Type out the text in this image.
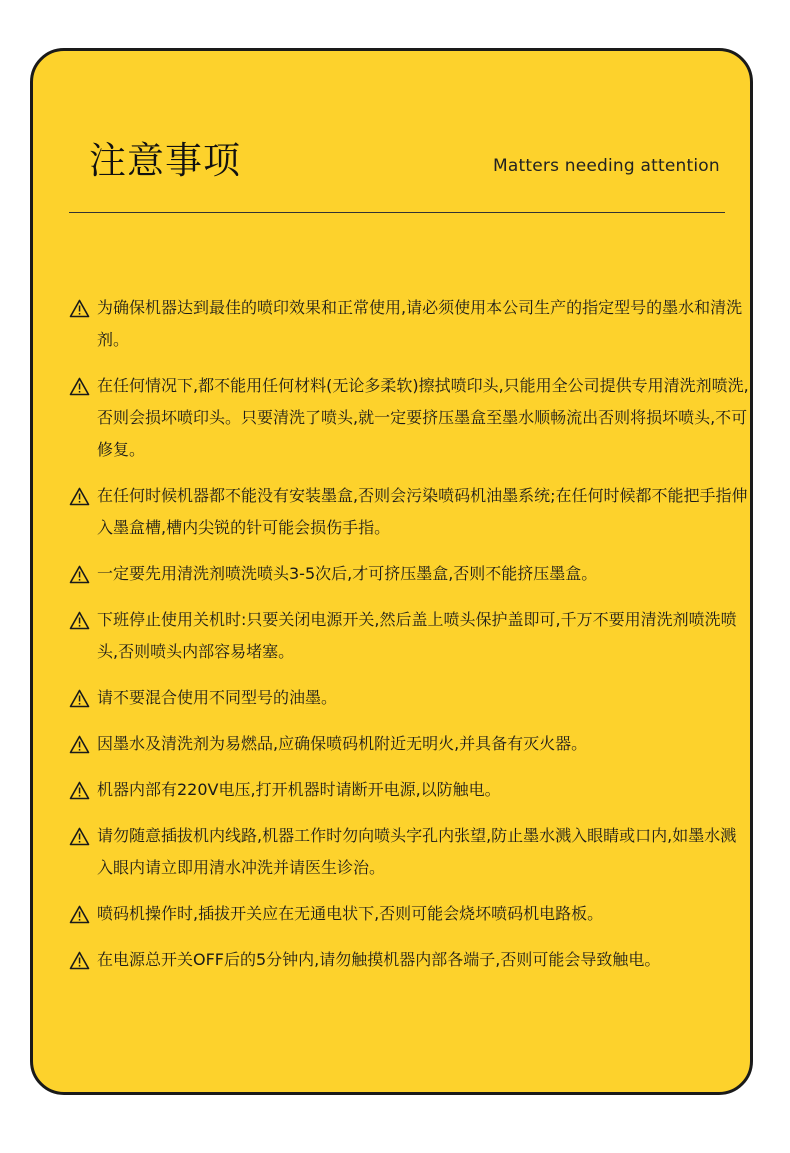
注意事项	Matters needing attention
为确保机器达到最佳的喷印效果和正常使用,请必须使用本公司生产的指定型号的墨水和清洗剂。
在任何情况下,都不能用任何材料(无论多柔软)擦拭喷印头,只能用全公司提供专用清洗剂喷洗,否则会损坏喷印头。只要清洗了喷头,就一定要挤压墨盒至墨水顺畅流出否则将损坏喷头,不可修复。
在任何时候机器都不能没有安装墨盒,否则会污染喷码机油墨系统;在任何时候都不能把手指伸入墨盒槽,槽内尖锐的针可能会损伤手指。
一定要先用清洗剂喷洗喷头3-5次后,才可挤压墨盒,否则不能挤压墨盒。
下班停止使用关机时:只要关闭电源开关,然后盖上喷头保护盖即可,千万不要用清洗剂喷洗喷头,否则喷头内部容易堵塞。
请不要混合使用不同型号的油墨。
因墨水及清洗剂为易燃品,应确保喷码机附近无明火,并具备有灭火器。
机器内部有220V电压,打开机器时请断开电源,以防触电。
请勿随意插拔机内线路,机器工作时勿向喷头字孔内张望,防止墨水溅入眼睛或口内,如墨水溅入眼内请立即用清水冲洗并请医生诊治。
喷码机操作时,插拔开关应在无通电状下,否则可能会烧坏喷码机电路板。
在电源总开关OFF后的5分钟内,请勿触摸机器内部各端子,否则可能会导致触电。
